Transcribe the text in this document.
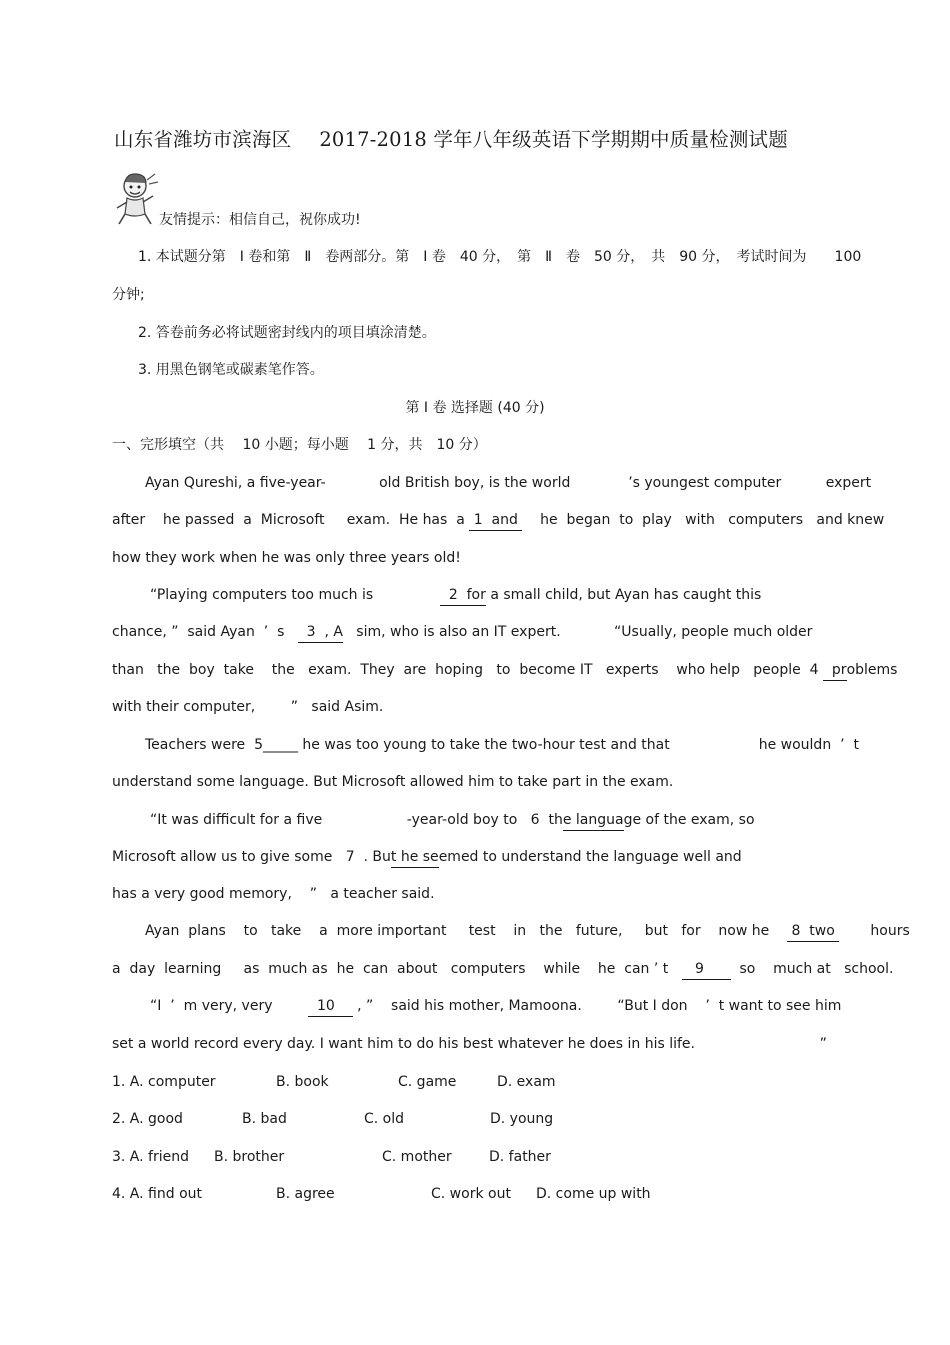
山东省潍坊市滨海区 2017-2018 学年八年级英语下学期期中质量检测试题
友情提示：相信自己，祝你成功!
1. 本试题分第　Ⅰ 卷和第　Ⅱ　卷两部分。第　Ⅰ 卷　40 分，　第　Ⅱ　卷　50 分，　共　90 分，　考试时间为　　100
分钟;
2. 答卷前务必将试题密封线内的项目填涂清楚。
3. 用黑色钢笔或碳素笔作答。
第 Ⅰ 卷 选择题 (40 分)
一、完形填空（共　 10 小题；每小题　 1 分，共　10 分）
Ayan Qureshi, a five-year-            old British boy, is the world             ’s youngest computer          expert
after    he passed  a  Microsoft     exam.  He has  a  1  and     he  began  to  play   with   computers   and knew
how they work when he was only three years old!
“Playing computers too much is                 2  for a small child, but Ayan has caught this
chance, ”  said Ayan  ’  s     3  , A   sim, who is also an IT expert.            “Usually, people much older
than   the  boy  take    the   exam.  They  are  hoping   to  become IT   experts    who help   people  4   problems
with their computer,        ”   said Asim.
Teachers were  5_____ he was too young to take the two-hour test and that                    he wouldn  ’  t
understand some language. But Microsoft allowed him to take part in the exam.
“It was difficult for a five                   -year-old boy to   6  the language of the exam, so
Microsoft allow us to give some   7  . But he seemed to understand the language well and
has a very good memory,    ”   a teacher said.
Ayan  plans    to   take    a  more important     test    in   the   future,     but   for    now he     8  two        hours
a  day  learning     as  much as  he  can  about   computers    while    he  can ’ t      9        so    much at   school.
“I  ’  m very, very          10     , ”    said his mother, Mamoona.        “But I don    ’  t want to see him
set a world record every day. I want him to do his best whatever he does in his life.                            ”
1. A. computer	B. book	C. game	D. exam
2. A. good	B. bad	C. old	D. young
3. A. friend B. brother	C. mother	D. father
4. A. find out	B. agree	C. work out D. come up with
